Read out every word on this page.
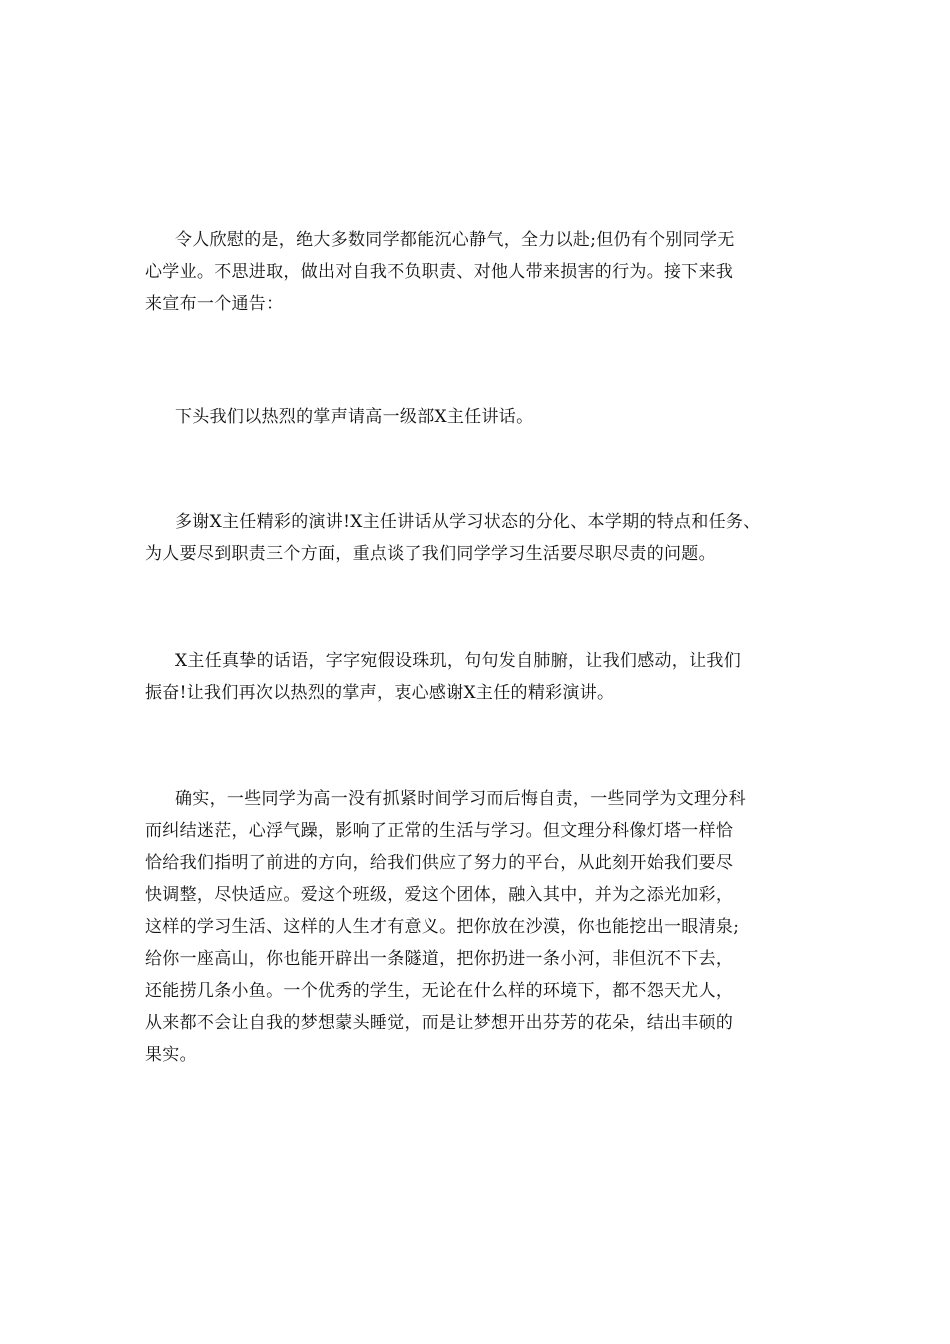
令人欣慰的是，绝大多数同学都能沉心静气，全力以赴;但仍有个别同学无
心学业。不思进取，做出对自我不负职责、对他人带来损害的行为。接下来我
来宣布一个通告：
下头我们以热烈的掌声请高一级部X主任讲话。
多谢X主任精彩的演讲!X主任讲话从学习状态的分化、本学期的特点和任务、
为人要尽到职责三个方面，重点谈了我们同学学习生活要尽职尽责的问题。
X主任真挚的话语，字字宛假设珠玑，句句发自肺腑，让我们感动，让我们
振奋!让我们再次以热烈的掌声，衷心感谢X主任的精彩演讲。
确实，一些同学为高一没有抓紧时间学习而后悔自责，一些同学为文理分科
而纠结迷茫，心浮气躁，影响了正常的生活与学习。但文理分科像灯塔一样恰
恰给我们指明了前进的方向，给我们供应了努力的平台，从此刻开始我们要尽
快调整，尽快适应。爱这个班级，爱这个团体，融入其中，并为之添光加彩，
这样的学习生活、这样的人生才有意义。把你放在沙漠，你也能挖出一眼清泉;
给你一座高山，你也能开辟出一条隧道，把你扔进一条小河，非但沉不下去，
还能捞几条小鱼。一个优秀的学生，无论在什么样的环境下，都不怨天尤人，
从来都不会让自我的梦想蒙头睡觉，而是让梦想开出芬芳的花朵，结出丰硕的
果实。
